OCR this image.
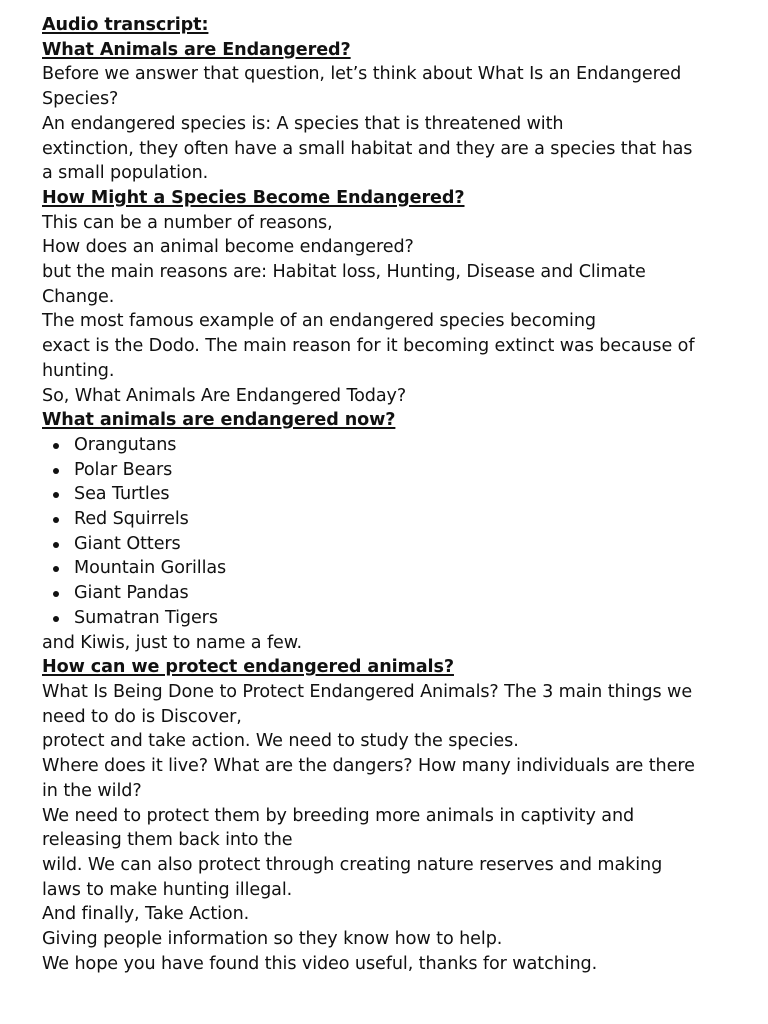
Audio transcript:

What Animals are Endangered?

Before we answer that question, let’s think about What Is an Endangered

Species?

An endangered species is: A species that is threatened with

extinction, they often have a small habitat and they are a species that has

a small population.

How Might a Species Become Endangered?

This can be a number of reasons,

How does an animal become endangered?

but the main reasons are: Habitat loss, Hunting, Disease and Climate

Change.

The most famous example of an endangered species becoming

exact is the Dodo. The main reason for it becoming extinct was because of

hunting.

So, What Animals Are Endangered Today?

What animals are endangered now?

Orangutans
Polar Bears
Sea Turtles
Red Squirrels
Giant Otters
Mountain Gorillas
Giant Pandas
Sumatran Tigers

and Kiwis, just to name a few.

How can we protect endangered animals?

What Is Being Done to Protect Endangered Animals? The 3 main things we

need to do is Discover,

protect and take action. We need to study the species.

Where does it live? What are the dangers? How many individuals are there

in the wild?

We need to protect them by breeding more animals in captivity and

releasing them back into the

wild. We can also protect through creating nature reserves and making

laws to make hunting illegal.

And finally, Take Action.

Giving people information so they know how to help.

We hope you have found this video useful, thanks for watching.
